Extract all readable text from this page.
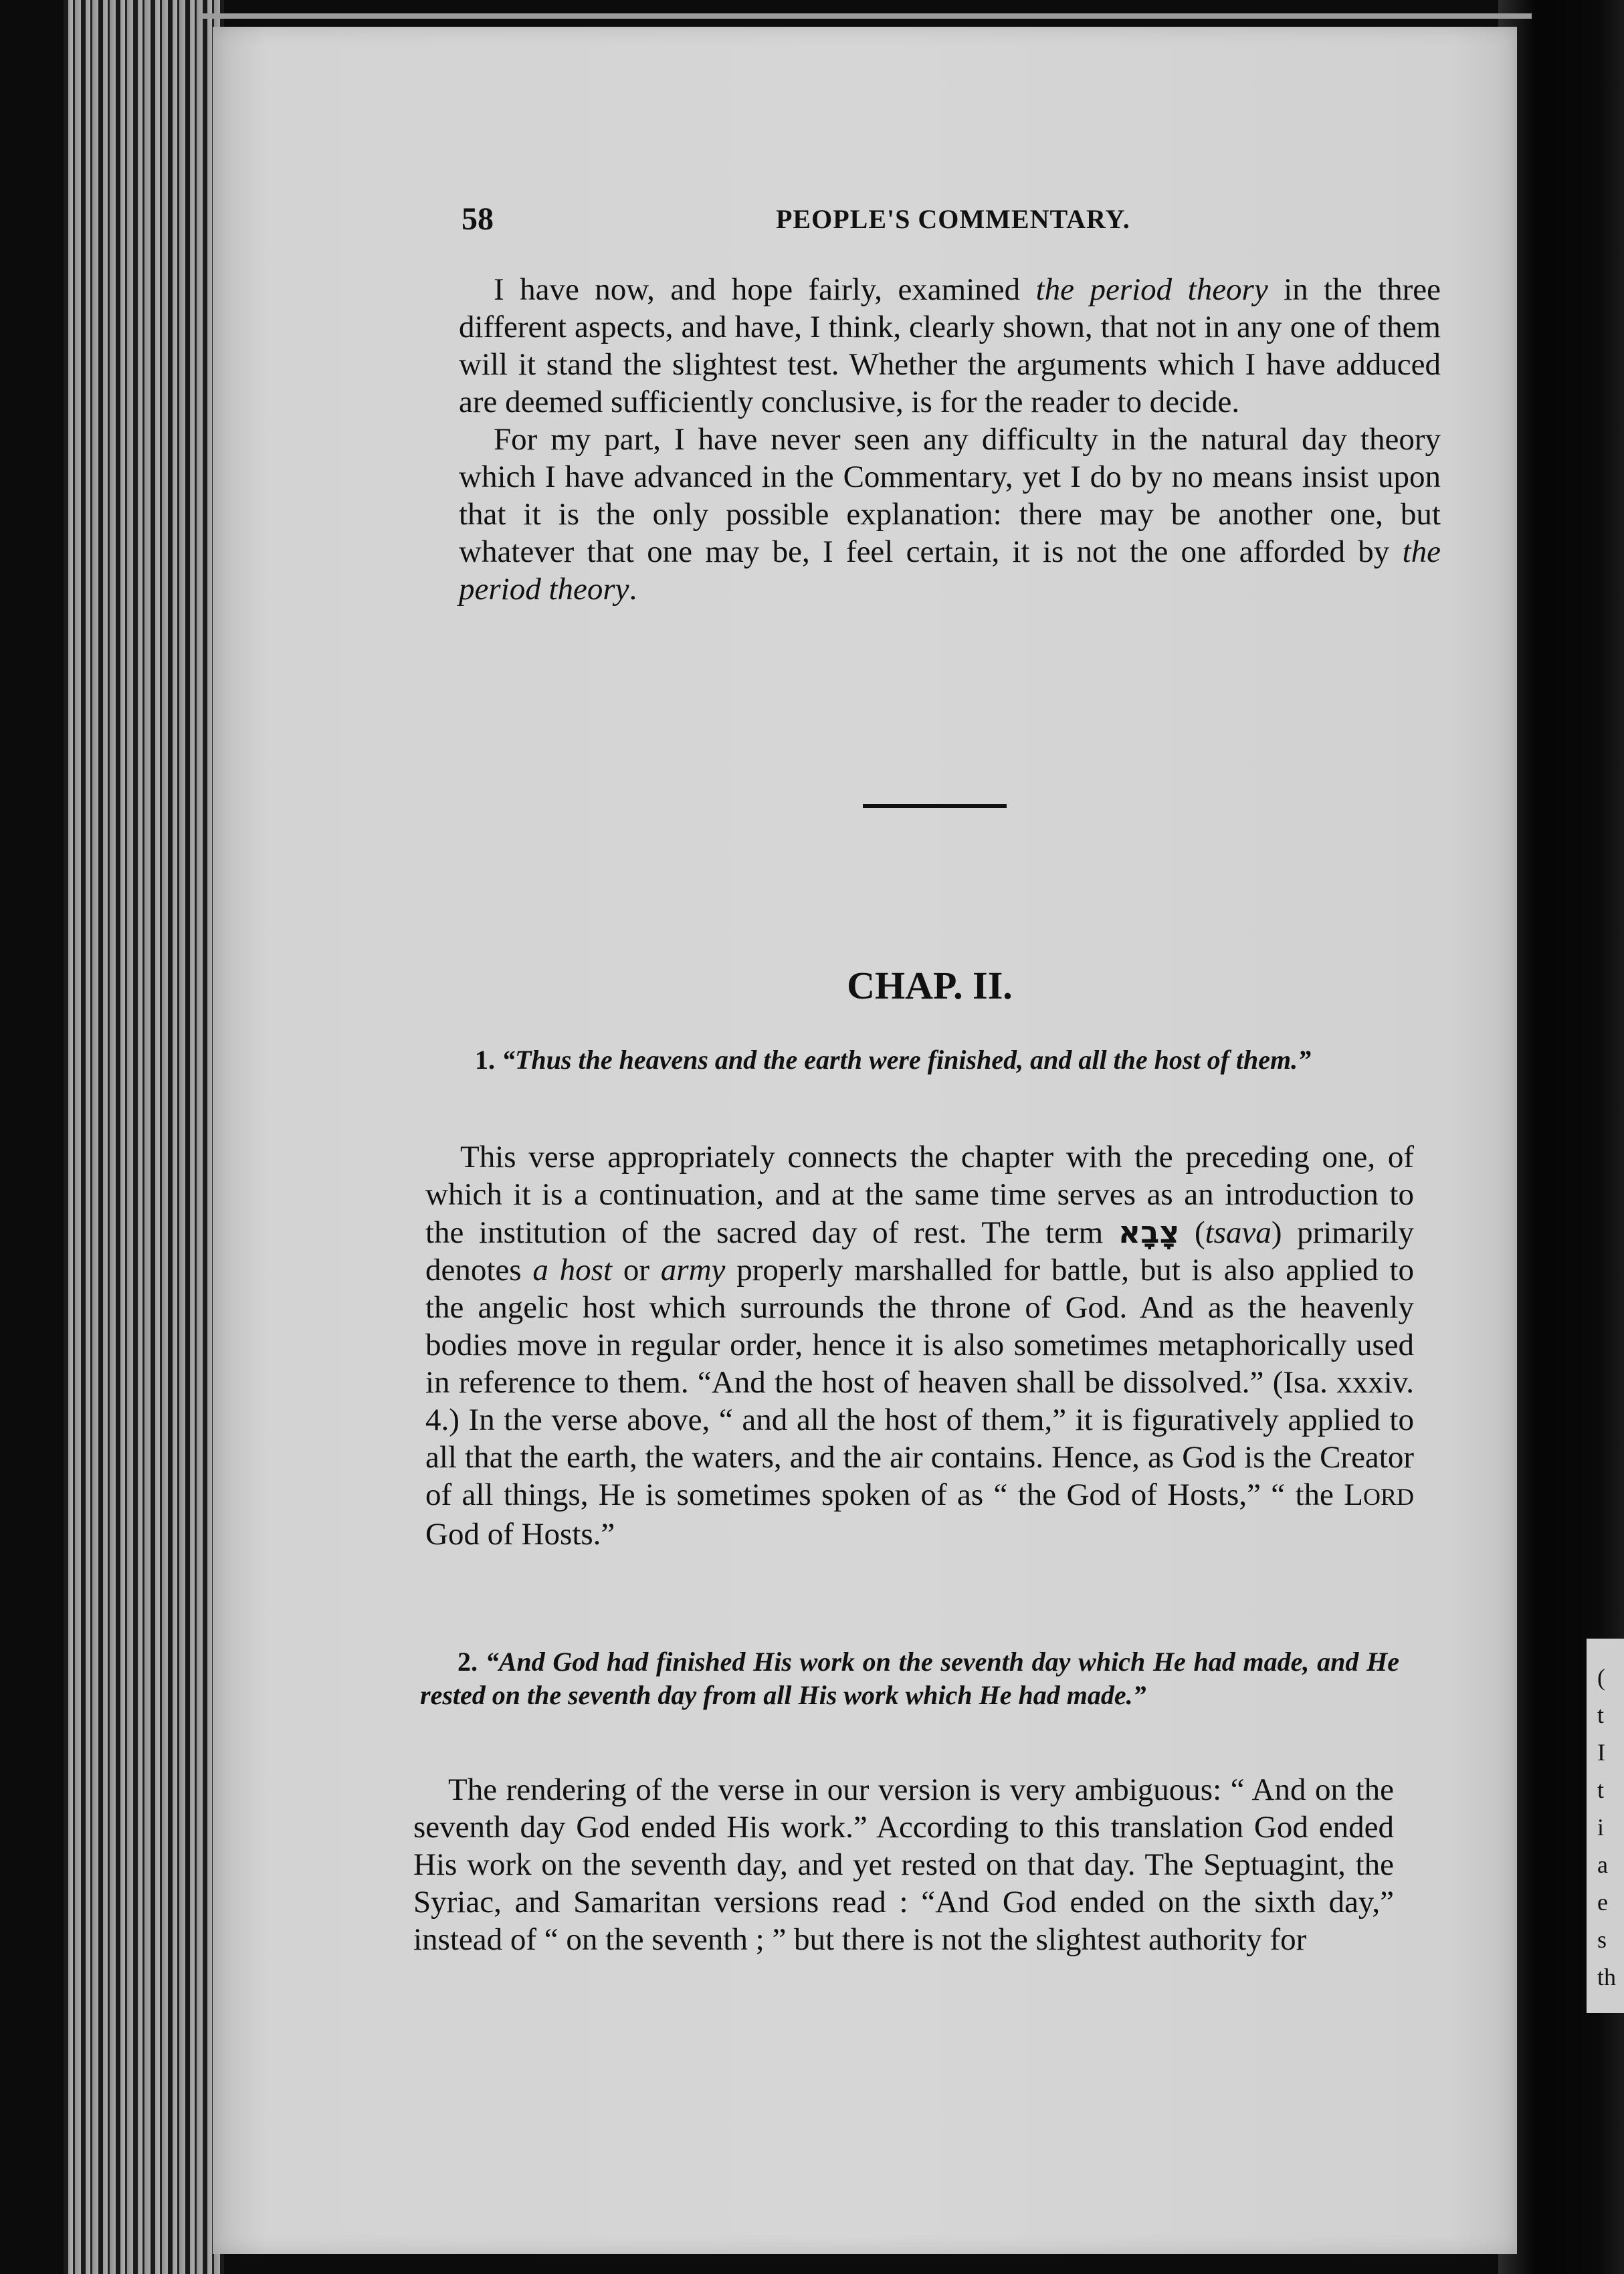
(
t
I
t
i
a
e
s
th
58	PEOPLE'S COMMENTARY.

I have now, and hope fairly, examined the period theory in the three different aspects, and have, I think, clearly shown, that not in any one of them will it stand the slightest test. Whether the arguments which I have adduced are deemed sufficiently conclusive, is for the reader to decide.

For my part, I have never seen any difficulty in the natural day theory which I have advanced in the Commentary, yet I do by no means insist upon that it is the only possible explanation: there may be another one, but whatever that one may be, I feel certain, it is not the one afforded by the period theory.

CHAP. II.

1. “Thus the heavens and the earth were finished, and all the host of them.”

This verse appropriately connects the chapter with the preceding one, of which it is a continuation, and at the same time serves as an introduction to the institution of the sacred day of rest. The term צָבָא (tsava) primarily denotes a host or army properly marshalled for battle, but is also applied to the angelic host which surrounds the throne of God. And as the heavenly bodies move in regular order, hence it is also sometimes metaphorically used in reference to them. “And the host of heaven shall be dissolved.” (Isa. xxxiv. 4.) In the verse above, “ and all the host of them,” it is figuratively applied to all that the earth, the waters, and the air contains. Hence, as God is the Creator of all things, He is sometimes spoken of as “ the God of Hosts,” “ the LORD God of Hosts.”

2. “And God had finished His work on the seventh day which He had made, and He rested on the seventh day from all His work which He had made.”

The rendering of the verse in our version is very ambiguous: “ And on the seventh day God ended His work.” According to this translation God ended His work on the seventh day, and yet rested on that day. The Septuagint, the Syriac, and Samaritan versions read : “And God ended on the sixth day,” instead of “ on the seventh ; ” but there is not the slightest authority for
